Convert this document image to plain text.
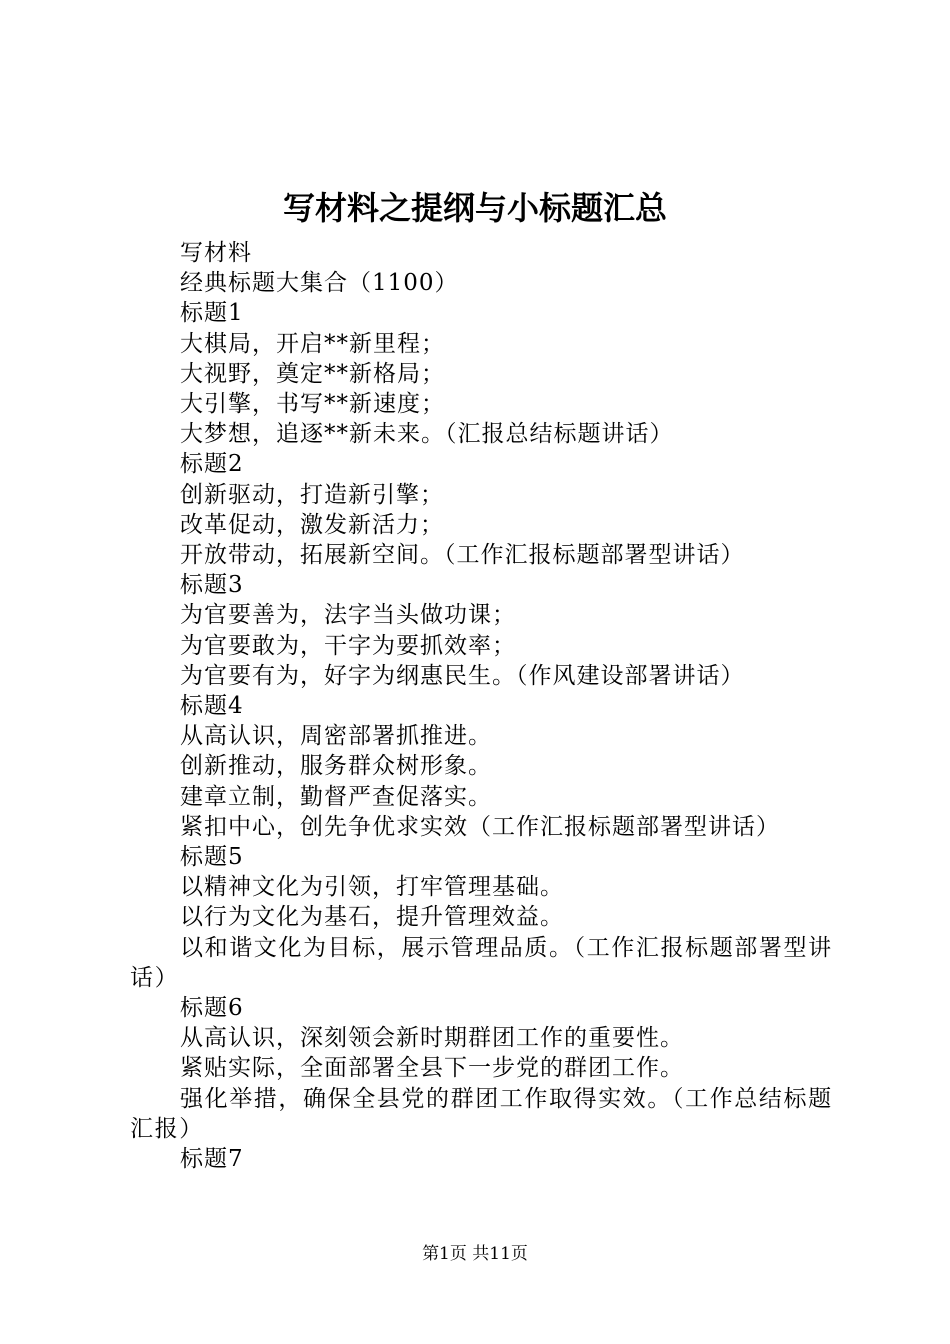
写材料之提纲与小标题汇总
写材料
经典标题大集合（1100）
标题1
大棋局，开启**新里程；
大视野，奠定**新格局；
大引擎，书写**新速度；
大梦想，追逐**新未来。（汇报总结标题讲话）
标题2
创新驱动，打造新引擎；
改革促动，激发新活力；
开放带动，拓展新空间。（工作汇报标题部署型讲话）
标题3
为官要善为，法字当头做功课；
为官要敢为，干字为要抓效率；
为官要有为，好字为纲惠民生。（作风建设部署讲话）
标题4
从高认识，周密部署抓推进。
创新推动，服务群众树形象。
建章立制，勤督严查促落实。
紧扣中心，创先争优求实效（工作汇报标题部署型讲话）
标题5
以精神文化为引领，打牢管理基础。
以行为文化为基石，提升管理效益。
以和谐文化为目标，展示管理品质。（工作汇报标题部署型讲话）
标题6
从高认识，深刻领会新时期群团工作的重要性。
紧贴实际，全面部署全县下一步党的群团工作。
强化举措，确保全县党的群团工作取得实效。（工作总结标题汇报）
标题7
第1页 共11页
